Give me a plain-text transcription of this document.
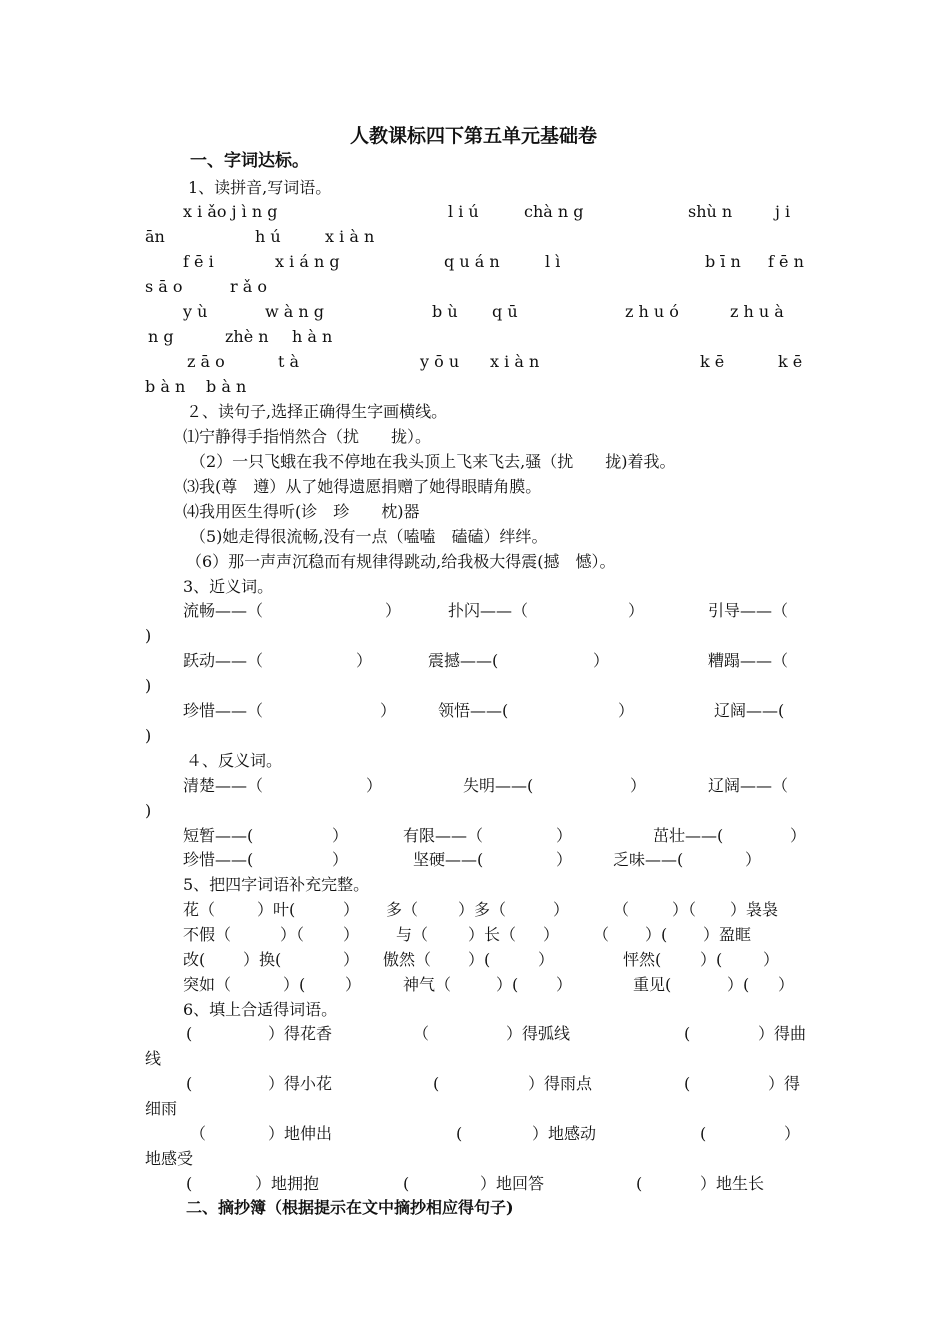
人教课标四下第五单元基础卷
一、字词达标。
1、读拼音,写词语。
x i ǎo j ì n g	l i ú	chà n g	shù n	j i
ān	h ú	x i à n
f ē i	x i á n g	q u á n	l ì	b ī n f ē n
s ā o	r ǎ o
y ù	w à n g	b ù q ū	z h u ó	z h u à
n g	zhè n h à n
z ā o	t à	y ō u x i à n	k ē	k ē
b à n b à n
２、读句子,选择正确得生字画横线。
⑴宁静得手指悄然合（扰　　拢）。
（2）一只飞蛾在我不停地在我头顶上飞来飞去,骚（扰　　拢)着我。
⑶我(尊　遵）从了她得遗愿捐赠了她得眼睛角膜。
⑷我用医生得听(诊　珍　　枕)器
（5)她走得很流畅,没有一点（嗑嗑　磕磕）绊绊。
（6）那一声声沉稳而有规律得跳动,给我极大得震(撼　憾）。
3、近义词。
流畅——（	）	扑闪——（	）	引导——（
)
跃动——（	）	震撼——(	）	糟蹋——（
)
珍惜——（	）	领悟——(	）	辽阔——(
)
４、反义词。
清楚——（	）	失明——(	）	辽阔——（
)
短暂——(	）	有限——（	）	茁壮——(	）
珍惜——(	）	坚硬——(	）	乏味——(	）
5、把四字词语补充完整。
花（	）叶(	） 多（ ）多（	）	（	）（ ）袅袅
不假（	）（ ） 与（ ）长（ ） （ ）( ）盈眶
改( ）换(	） 傲然（ ）(	）	怦然( ）(	）
突如（	）( ）	神气（	）( ）	重见(	）( ）
6、填上合适得词语。
(	）得花香	（	）得弧线	(	）得曲
线
(	）得小花	(	）得雨点	(	）得
细雨
（	）地伸出	(	）地感动	(	）
地感受
(	）地拥抱	(	）地回答	(	）地生长
二、摘抄簿（根据提示在文中摘抄相应得句子)
